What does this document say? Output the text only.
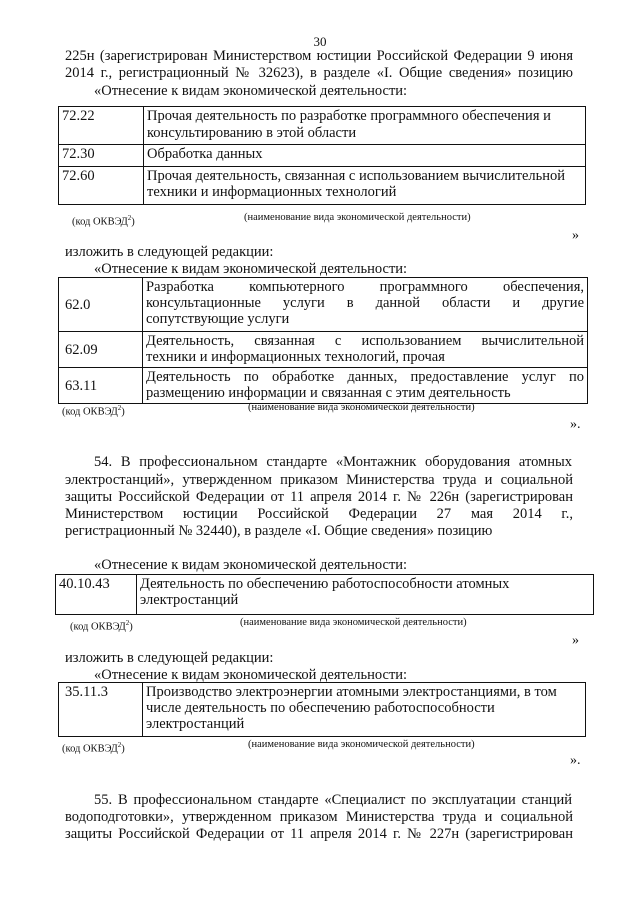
30
225н (зарегистрирован Министерством юстиции Российской Федерации 9 июня
2014 г., регистрационный № 32623), в разделе «I. Общие сведения» позицию
«Отнесение к видам экономической деятельности:
72.22	Прочая деятельность по разработке программного обеспечения и
консультированию в этой области

72.30	Обработка данных
72.60	Прочая деятельность, связанная с использованием вычислительной
техники и информационных технологий
(код ОКВЭД$^2$)	(наименование вида экономической деятельности)
»
изложить в следующей редакции:
«Отнесение к видам экономической деятельности:
62.0	Разработка компьютерного программного обеспечения,
консультационные услуги в данной области и другие
сопутствующие услуги

62.09	Деятельность, связанная с использованием вычислительной
техники и информационных технологий, прочая

63.11	Деятельность по обработке данных, предоставление услуг по
размещению информации и связанная с этим деятельность
(код ОКВЭД$^2$)	(наименование вида экономической деятельности)
».
54. В профессиональном стандарте «Монтажник оборудования атомных
электростанций», утвержденном приказом Министерства труда и социальной
защиты Российской Федерации от 11 апреля 2014 г. № 226н (зарегистрирован
Министерством юстиции Российской Федерации 27 мая 2014 г.,
регистрационный № 32440), в разделе «I. Общие сведения» позицию
«Отнесение к видам экономической деятельности:
40.10.43	Деятельность по обеспечению работоспособности атомных
электростанций
(код ОКВЭД$^2$)	(наименование вида экономической деятельности)
»
изложить в следующей редакции:
«Отнесение к видам экономической деятельности:
35.11.3	Производство электроэнергии атомными электростанциями, в том
числе деятельность по обеспечению работоспособности
электростанций
(код ОКВЭД$^2$)	(наименование вида экономической деятельности)
».
55. В профессиональном стандарте «Специалист по эксплуатации станций
водоподготовки», утвержденном приказом Министерства труда и социальной
защиты Российской Федерации от 11 апреля 2014 г. № 227н (зарегистрирован
